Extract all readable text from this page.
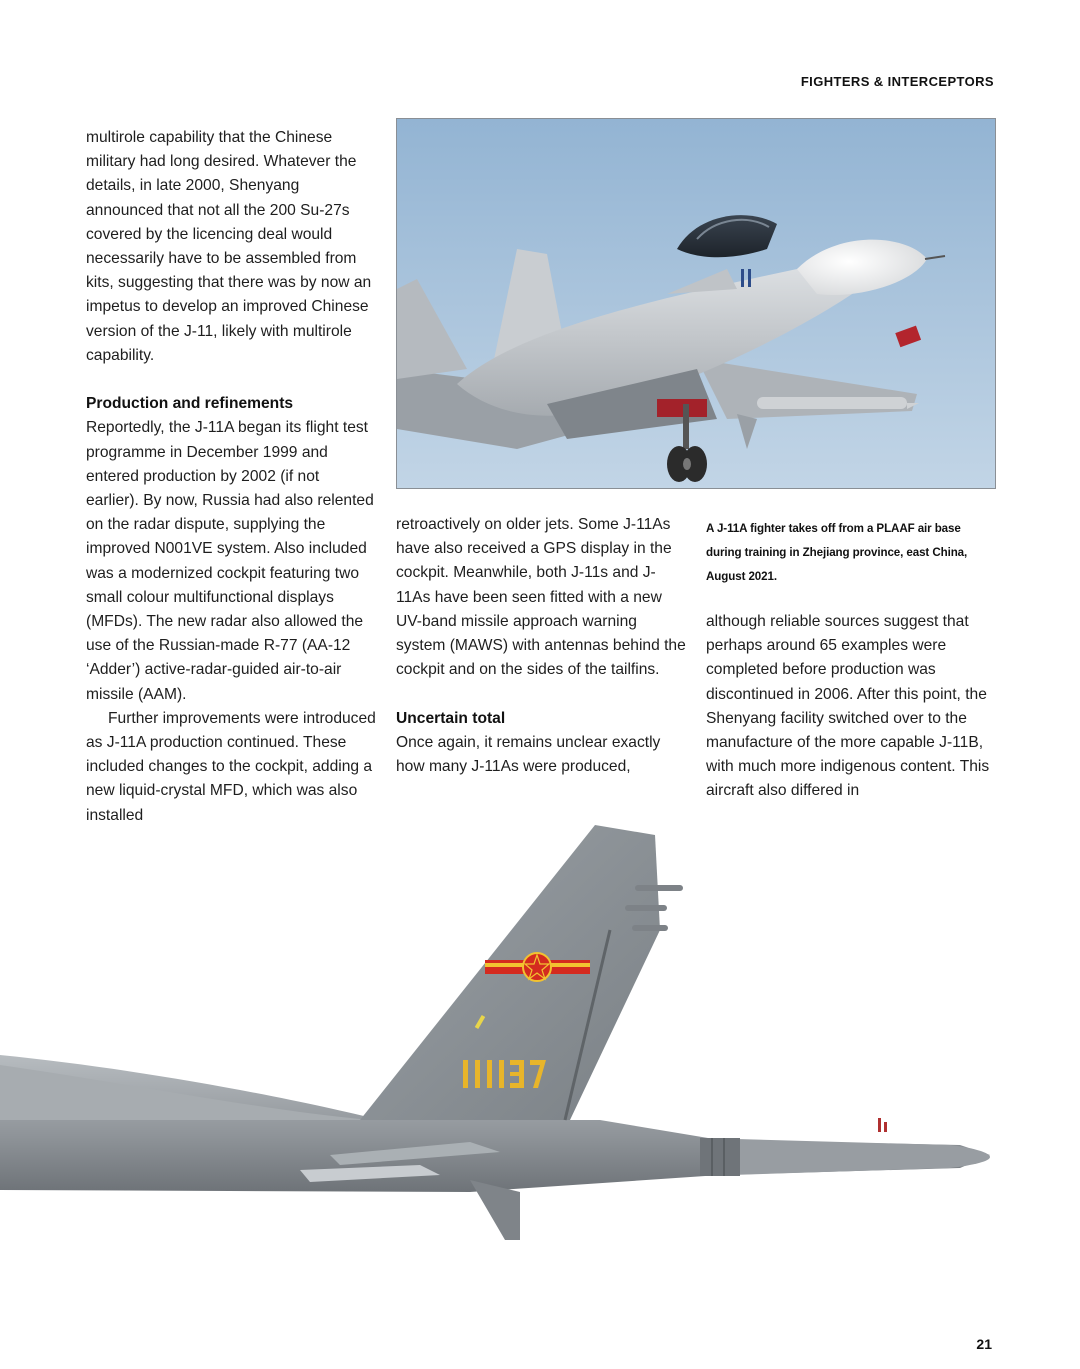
FIGHTERS & INTERCEPTORS

multirole capability that the Chinese military had long desired. Whatever the details, in late 2000, Shenyang announced that not all the 200 Su-27s covered by the licencing deal would necessarily have to be assembled from kits, suggesting that there was by now an impetus to develop an improved Chinese version of the J-11, likely with multirole capability.

Production and refinements

Reportedly, the J-11A began its flight test programme in December 1999 and entered production by 2002 (if not earlier). By now, Russia had also relented on the radar dispute, supplying the improved N001VE system. Also included was a modernized cockpit featuring two small colour multifunctional displays (MFDs). The new radar also allowed the use of the Russian-made R-77 (AA-12 ‘Adder’) active-radar-guided air-to-air missile (AAM).

Further improvements were introduced as J-11A production continued. These included changes to the cockpit, adding a new liquid-crystal MFD, which was also installed

retroactively on older jets. Some J-11As have also received a GPS display in the cockpit. Meanwhile, both J-11s and J-11As have been seen fitted with a new UV-band missile approach warning system (MAWS) with antennas behind the cockpit and on the sides of the tailfins.

Uncertain total

Once again, it remains unclear exactly how many J-11As were produced,

A J-11A fighter takes off from a PLAAF air base during training in Zhejiang province, east China, August 2021.

although reliable sources suggest that perhaps around 65 examples were completed before production was discontinued in 2006. After this point, the Shenyang facility switched over to the manufacture of the more capable J-11B, with much more indigenous content. This aircraft also differed in

21
